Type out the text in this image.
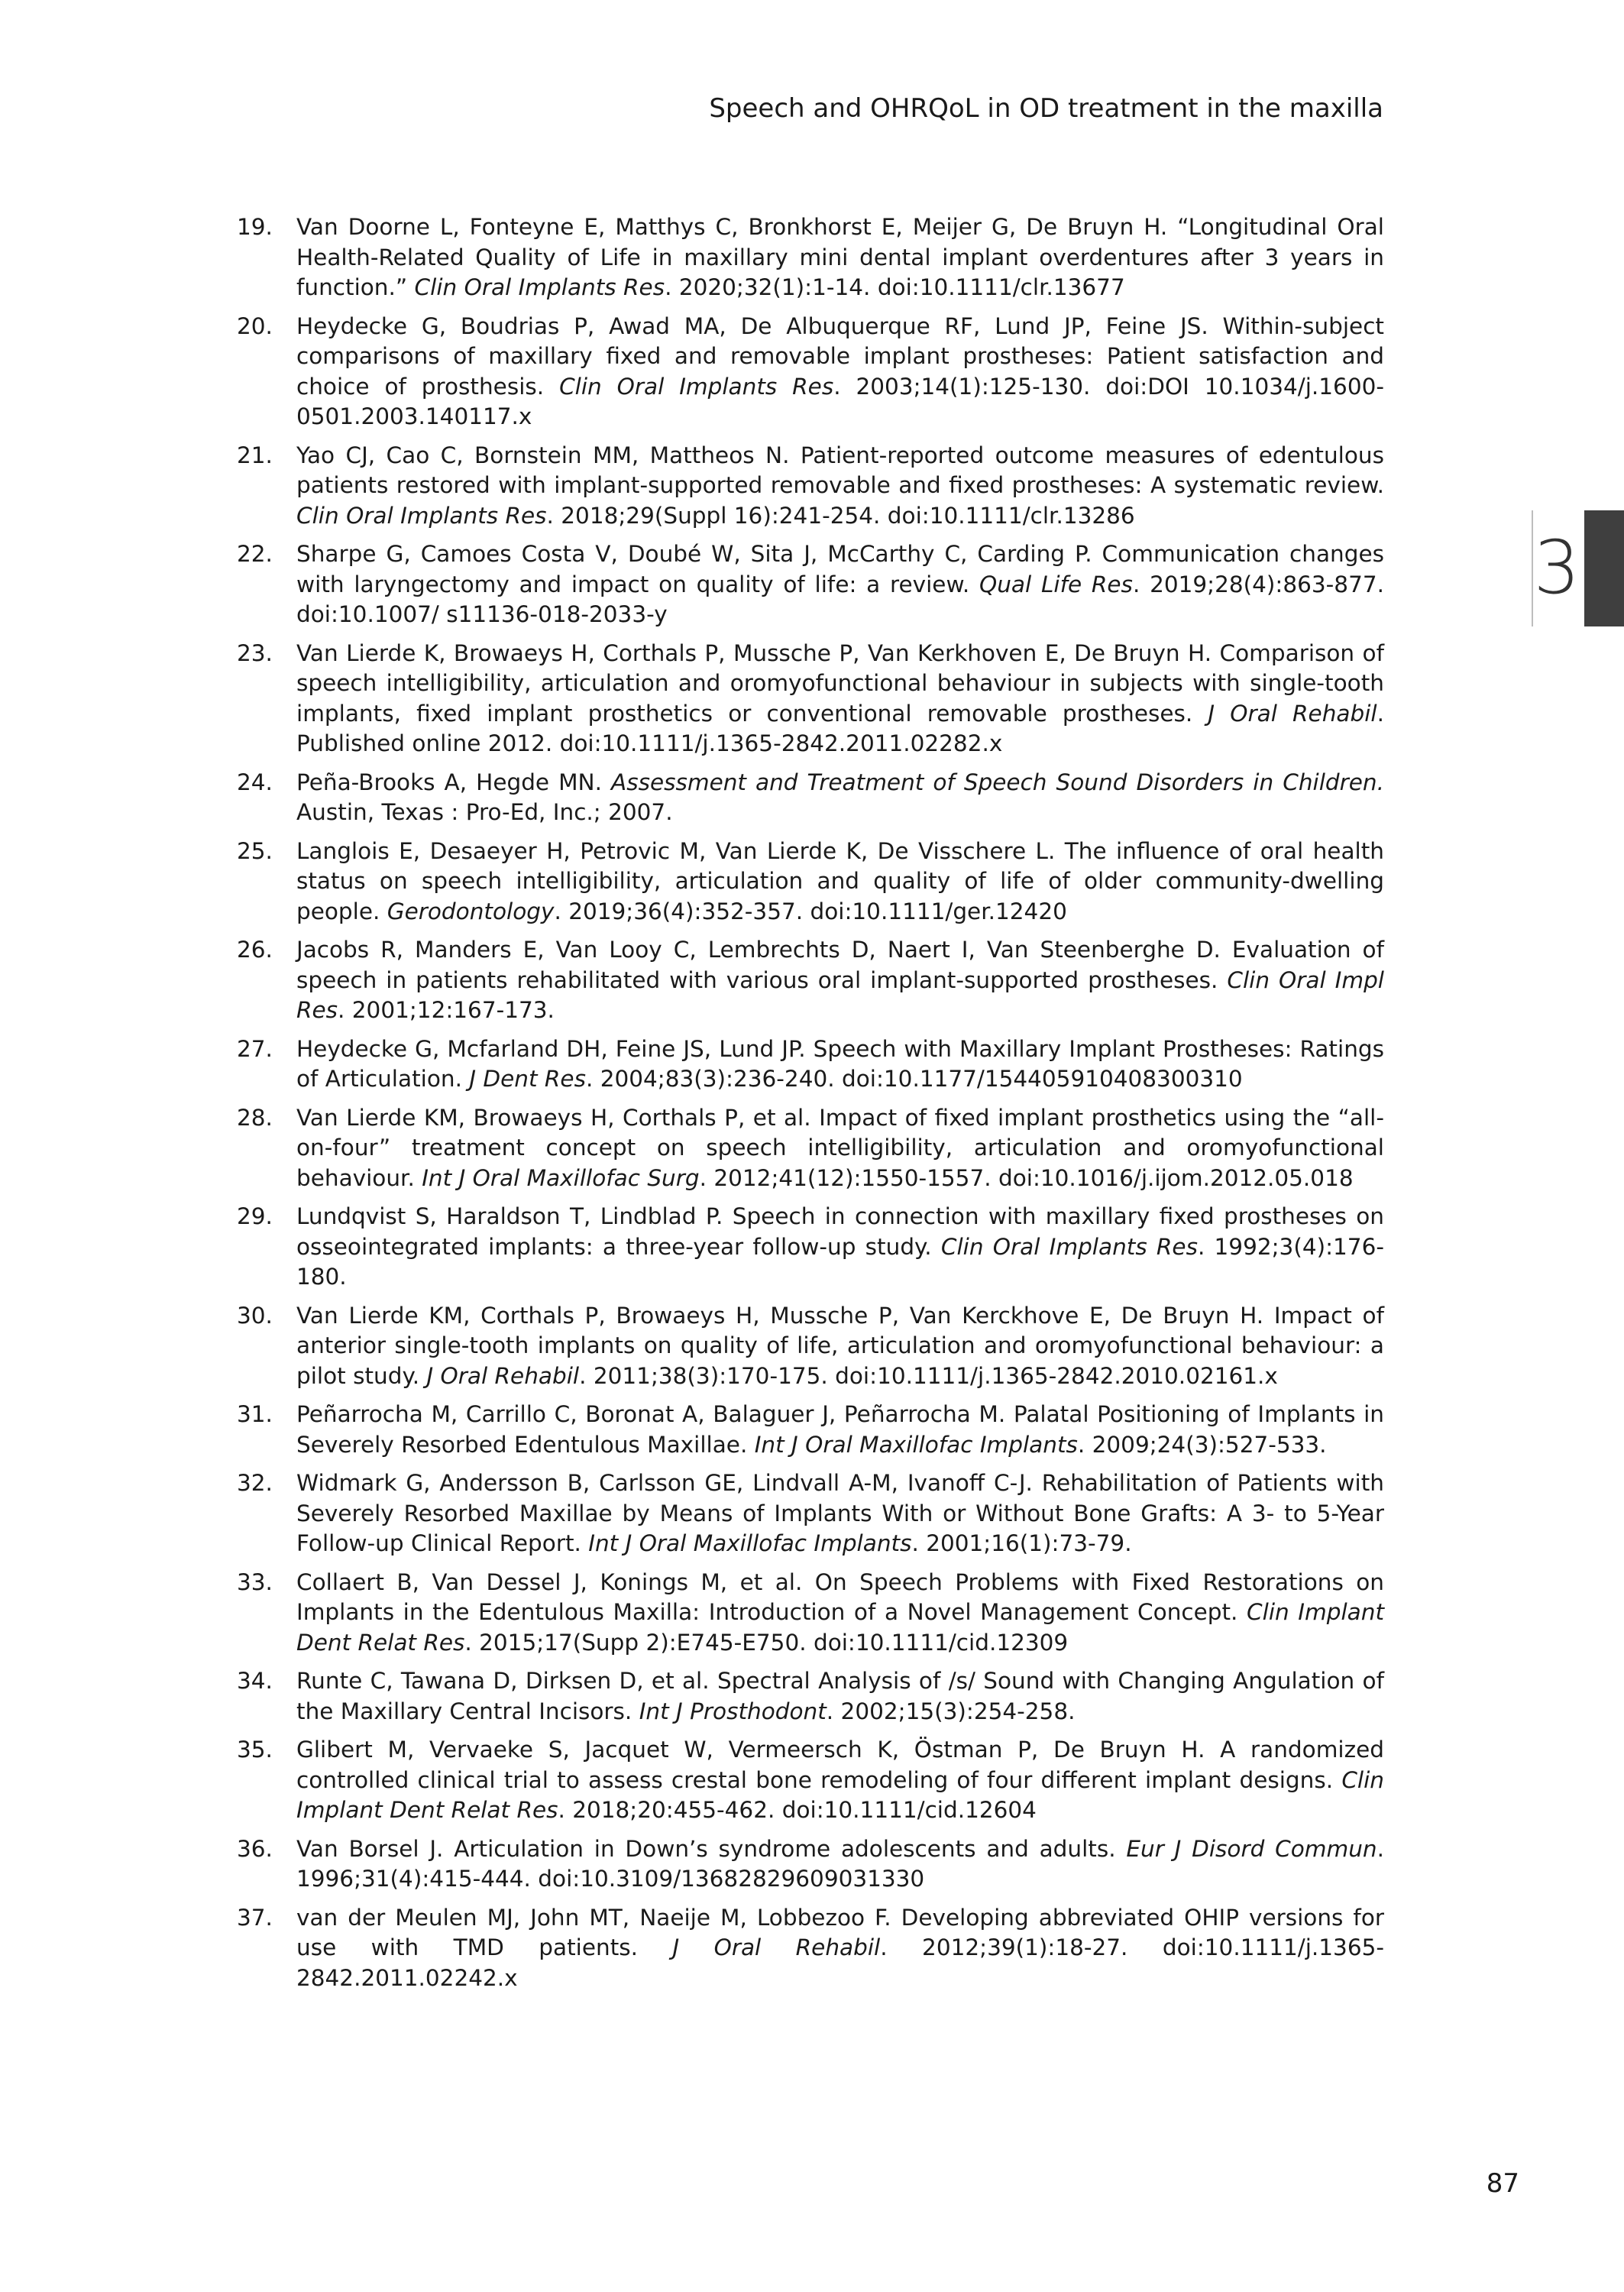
Speech and OHRQoL in OD treatment in the maxilla
3
19.	Van Doorne L, Fonteyne E, Matthys C, Bronkhorst E, Meijer G, De Bruyn H. “Longitudinal Oral Health-Related Quality of Life in maxillary mini dental implant overdentures after 3 years in function.” Clin Oral Implants Res. 2020;32(1):1-14. doi:10.1111/clr.13677
20.	Heydecke G, Boudrias P, Awad MA, De Albuquerque RF, Lund JP, Feine JS. Within-subject comparisons of maxillary fixed and removable implant prostheses: Patient satisfaction and choice of prosthesis. Clin Oral Implants Res. 2003;14(1):125-130. doi:DOI 10.1034/j.1600-0501.2003.140117.x
21.	Yao CJ, Cao C, Bornstein MM, Mattheos N. Patient-reported outcome measures of edentulous patients restored with implant-supported removable and fixed prostheses: A systematic review. Clin Oral Implants Res. 2018;29(Suppl 16):241-254. doi:10.1111/clr.13286
22.	Sharpe G, Camoes Costa V, Doubé W, Sita J, McCarthy C, Carding P. Communication changes with laryngectomy and impact on quality of life: a review. Qual Life Res. 2019;28(4):863-877. doi:10.1007/ s11136-018-2033-y
23.	Van Lierde K, Browaeys H, Corthals P, Mussche P, Van Kerkhoven E, De Bruyn H. Comparison of speech intelligibility, articulation and oromyofunctional behaviour in subjects with single-tooth implants, fixed implant prosthetics or conventional removable prostheses. J Oral Rehabil. Published online 2012. doi:10.1111/j.1365-2842.2011.02282.x
24.	Peña-Brooks A, Hegde MN. Assessment and Treatment of Speech Sound Disorders in Children. Austin, Texas : Pro-Ed, Inc.; 2007.
25.	Langlois E, Desaeyer H, Petrovic M, Van Lierde K, De Visschere L. The influence of oral health status on speech intelligibility, articulation and quality of life of older community-dwelling people. Gerodontology. 2019;36(4):352-357. doi:10.1111/ger.12420
26.	Jacobs R, Manders E, Van Looy C, Lembrechts D, Naert I, Van Steenberghe D. Evaluation of speech in patients rehabilitated with various oral implant-supported prostheses. Clin Oral Impl Res. 2001;12:167-173.
27.	Heydecke G, Mcfarland DH, Feine JS, Lund JP. Speech with Maxillary Implant Prostheses: Ratings of Articulation. J Dent Res. 2004;83(3):236-240. doi:10.1177/154405910408300310
28.	Van Lierde KM, Browaeys H, Corthals P, et al. Impact of fixed implant prosthetics using the “all-on-four” treatment concept on speech intelligibility, articulation and oromyofunctional behaviour. Int J Oral Maxillofac Surg. 2012;41(12):1550-1557. doi:10.1016/j.ijom.2012.05.018
29.	Lundqvist S, Haraldson T, Lindblad P. Speech in connection with maxillary fixed prostheses on osseointegrated implants: a three-year follow-up study. Clin Oral Implants Res. 1992;3(4):176-180.
30.	Van Lierde KM, Corthals P, Browaeys H, Mussche P, Van Kerckhove E, De Bruyn H. Impact of anterior single-tooth implants on quality of life, articulation and oromyofunctional behaviour: a pilot study. J Oral Rehabil. 2011;38(3):170-175. doi:10.1111/j.1365-2842.2010.02161.x
31.	Peñarrocha M, Carrillo C, Boronat A, Balaguer J, Peñarrocha M. Palatal Positioning of Implants in Severely Resorbed Edentulous Maxillae. Int J Oral Maxillofac Implants. 2009;24(3):527-533.
32.	Widmark G, Andersson B, Carlsson GE, Lindvall A-M, Ivanoff C-J. Rehabilitation of Patients with Severely Resorbed Maxillae by Means of Implants With or Without Bone Grafts: A 3- to 5-Year Follow-up Clinical Report. Int J Oral Maxillofac Implants. 2001;16(1):73-79.
33.	Collaert B, Van Dessel J, Konings M, et al. On Speech Problems with Fixed Restorations on Implants in the Edentulous Maxilla: Introduction of a Novel Management Concept. Clin Implant Dent Relat Res. 2015;17(Supp 2):E745-E750. doi:10.1111/cid.12309
34.	Runte C, Tawana D, Dirksen D, et al. Spectral Analysis of /s/ Sound with Changing Angulation of the Maxillary Central Incisors. Int J Prosthodont. 2002;15(3):254-258.
35.	Glibert M, Vervaeke S, Jacquet W, Vermeersch K, Östman P, De Bruyn H. A randomized controlled clinical trial to assess crestal bone remodeling of four different implant designs. Clin Implant Dent Relat Res. 2018;20:455-462. doi:10.1111/cid.12604
36.	Van Borsel J. Articulation in Down’s syndrome adolescents and adults. Eur J Disord Commun. 1996;31(4):415-444. doi:10.3109/13682829609031330
37.	van der Meulen MJ, John MT, Naeije M, Lobbezoo F. Developing abbreviated OHIP versions for use with TMD patients. J Oral Rehabil. 2012;39(1):18-27. doi:10.1111/j.1365-2842.2011.02242.x
87
